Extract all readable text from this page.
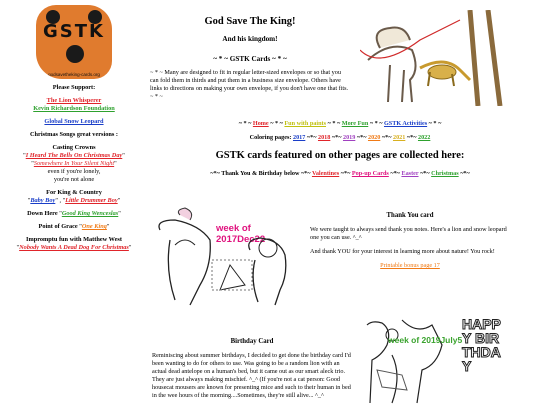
GSTK
godsavetheking-cards.org
Please Support:
The Lion Whisperer
Kevin Richardson Foundation
Global Snow Leopard
Christmas Songs great versions :
Casting Crowns
"I Heard The Bells On Christmas Day"
"Somewhere In Your Silent Night"
even if you're lonely,
you're not alone
For King & Country
"Baby Boy" , "Little Drummer Boy"
Down Here "Good King Wenceslas"
Point of Grace "One King"
Impromptu fun with Matthew West
"Nobody Wants A Dead Dog For Christmas"
God Save The King!
And his kingdom!
~ * ~ GSTK Cards ~ * ~
~ * ~ Many are designed to fit in regular letter-sized envelopes or so that you can fold them in thirds and put them in a business size envelope. Others have links to directions on making your own envelope, if you don't have one that fits. ~ * ~
~ * ~ Home ~ * ~ Fun with paints ~ * ~ More Fun ~ * ~ GSTK Activities ~ * ~
Coloring pages: 2017 ~*~ 2018 ~*~ 2019 ~*~ 2020 ~*~ 2021 ~*~ 2022
GSTK cards featured on other pages are collected here:
~*~ Thank You & Birthday below ~*~ Valentines ~*~ Pop-up Cards ~*~ Easter ~*~ Christmas ~*~
week of 2017Dec22
Thank You card
We were taught to always send thank you notes. Here's a lion and snow leopard one you can use. ^_^
And thank YOU for your interest in learning more about nature! You rock!
Printable bonus page 17
Birthday Card
Reminiscing about summer birthdays, I decided to get done the birthday card I'd been wanting to do for others to use. Was going to be a random lion with an actual dead antelope on a human's bed, but it came out as our smart aleck trio. They are just always making mischief. ^_^ (If you're not a cat person: Good housecat mousers are known for presenting mice and such to their human in bed in the wee hours of the morning....Sometimes, they're still alive... ^_^
week of 2019July5
HAPPY BIRTHDAY
